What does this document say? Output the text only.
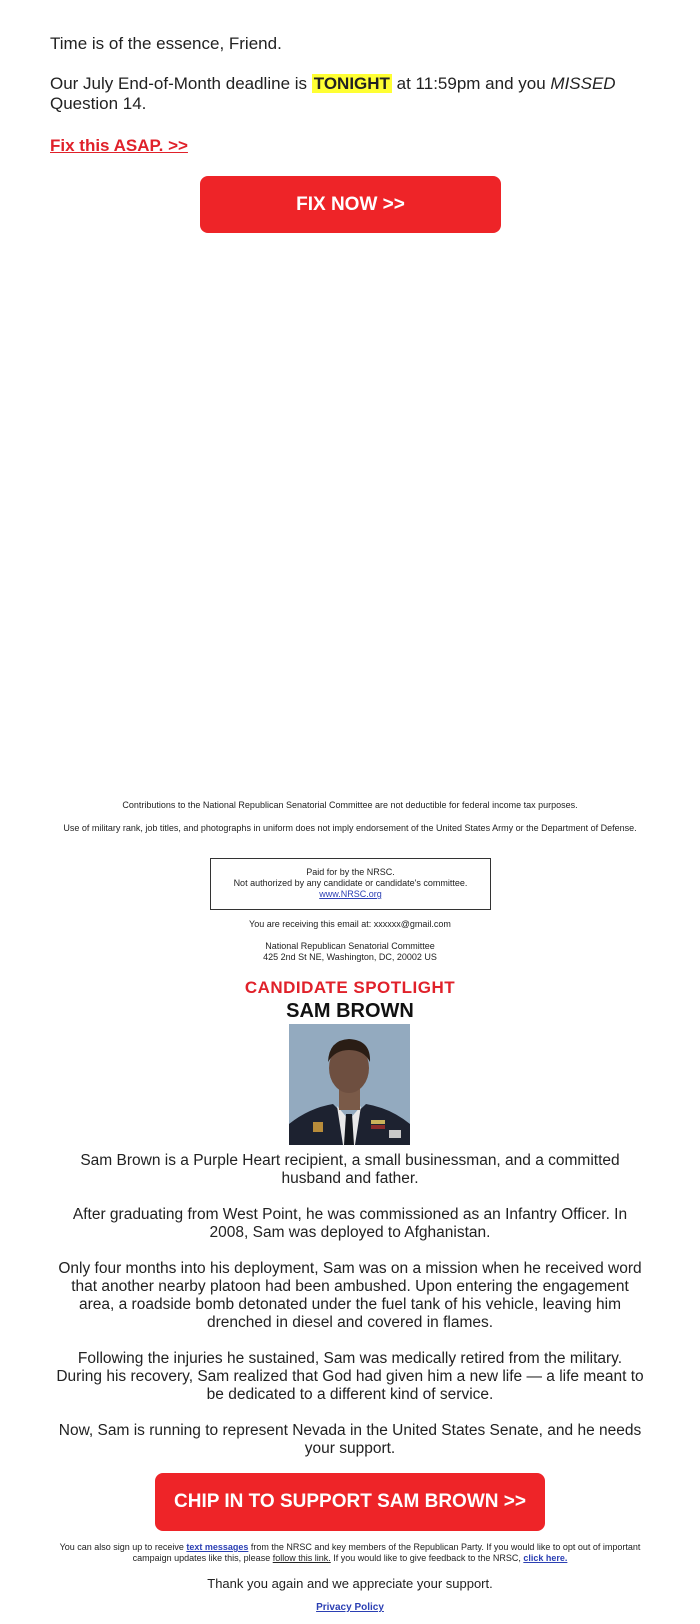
Time is of the essence, Friend.

Our July End-of-Month deadline is TONIGHT at 11:59pm and you MISSED
Question 14.

Fix this ASAP. >>
FIX NOW >>
Contributions to the National Republican Senatorial Committee are not deductible for federal income tax purposes.
Use of military rank, job titles, and photographs in uniform does not imply endorsement of the United States Army or the Department of Defense.
Paid for by the NRSC.
Not authorized by any candidate or candidate's committee.
www.NRSC.org
You are receiving this email at: xxxxxx@gmail.com
National Republican Senatorial Committee
425 2nd St NE, Washington, DC, 20002 US
CANDIDATE SPOTLIGHT
SAM BROWN

Sam Brown is a Purple Heart recipient, a small businessman, and a committed husband and father.

After graduating from West Point, he was commissioned as an Infantry Officer. In 2008, Sam was deployed to Afghanistan.

Only four months into his deployment, Sam was on a mission when he received word that another nearby platoon had been ambushed. Upon entering the engagement area, a roadside bomb detonated under the fuel tank of his vehicle, leaving him drenched in diesel and covered in flames.

Following the injuries he sustained, Sam was medically retired from the military. During his recovery, Sam realized that God had given him a new life — a life meant to be dedicated to a different kind of service.

Now, Sam is running to represent Nevada in the United States Senate, and he needs your support.

CHIP IN TO SUPPORT SAM BROWN >>
You can also sign up to receive text messages from the NRSC and key members of the Republican Party. If you would like to opt out of important campaign updates like this, please follow this link. If you would like to give feedback to the NRSC, click here.
Thank you again and we appreciate your support.
Privacy Policy
